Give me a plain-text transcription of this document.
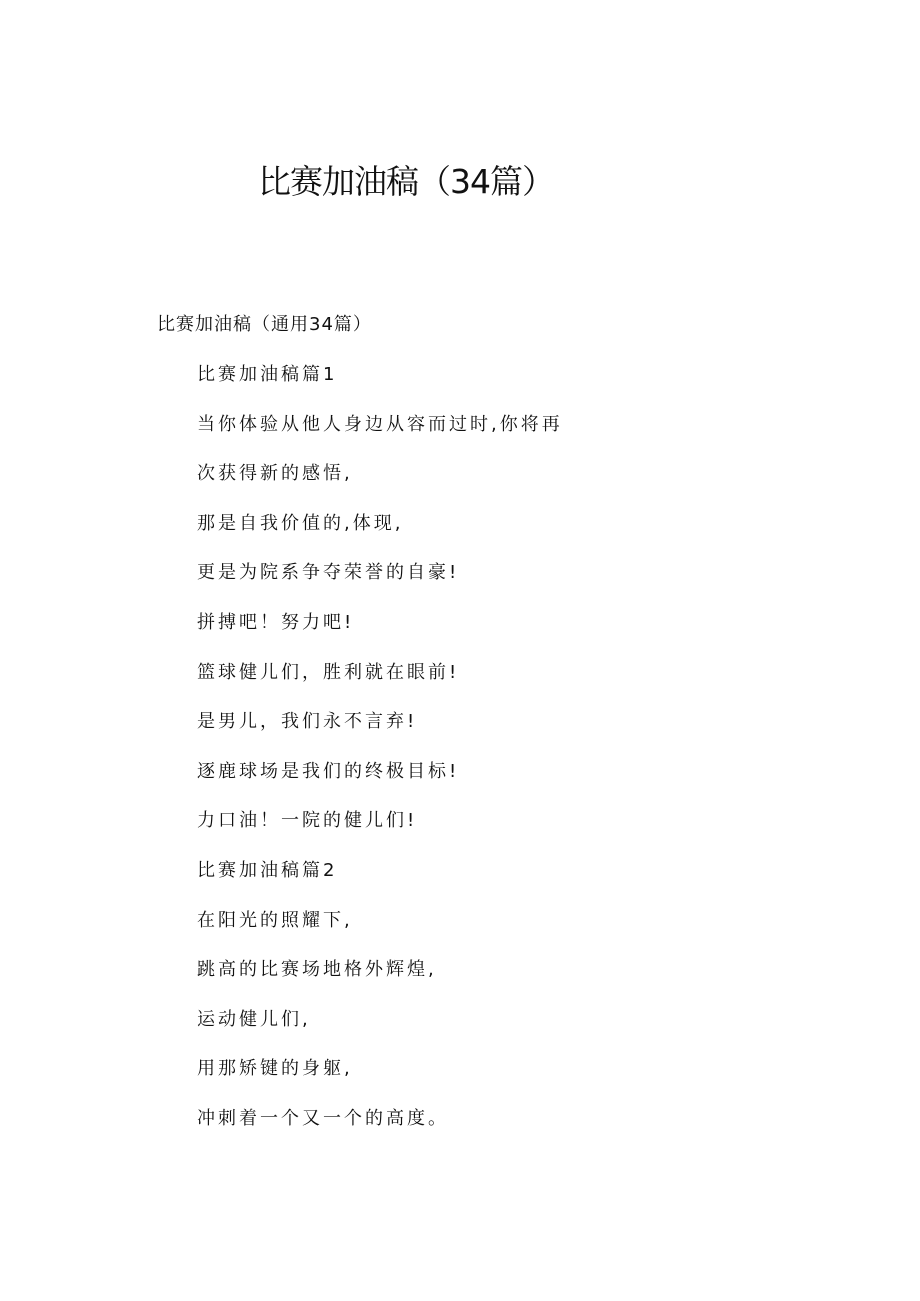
比赛加油稿（34篇）
比赛加油稿（通用34篇）
比赛加油稿篇1
当你体验从他人身边从容而过时,你将再
次获得新的感悟,
那是自我价值的,体现,
更是为院系争夺荣誉的自豪!
拼搏吧！努力吧!
篮球健儿们，胜利就在眼前!
是男儿，我们永不言弃!
逐鹿球场是我们的终极目标!
力口油！一院的健儿们!
比赛加油稿篇2
在阳光的照耀下,
跳高的比赛场地格外辉煌,
运动健儿们,
用那矫键的身躯,
冲刺着一个又一个的高度。
